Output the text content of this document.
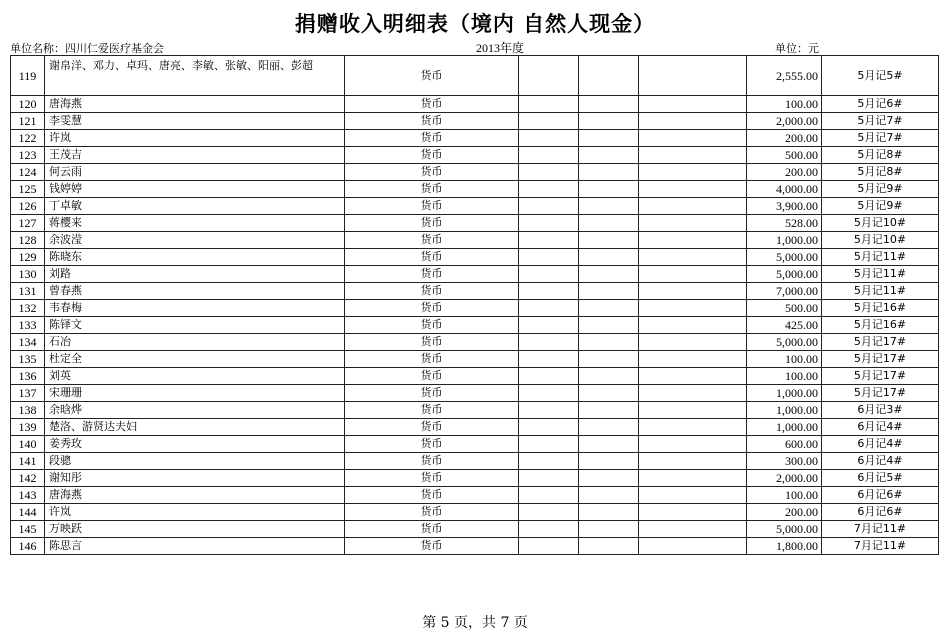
捐赠收入明细表（境内 自然人现金）
单位名称：四川仁爱医疗基金会	2013年度	单位：元
119	谢帛洋、邓力、卓玛、唐亮、李敏、张敏、阳丽、彭超	货币				2,555.00	5月记5#
120	唐海燕	货币				100.00	5月记6#
121	李雯慧	货币				2,000.00	5月记7#
122	许岚	货币				200.00	5月记7#
123	王茂吉	货币				500.00	5月记8#
124	何云雨	货币				200.00	5月记8#
125	钱婷婷	货币				4,000.00	5月记9#
126	丁卓敏	货币				3,900.00	5月记9#
127	蒋樱来	货币				528.00	5月记10#
128	余波滢	货币				1,000.00	5月记10#
129	陈晓东	货币				5,000.00	5月记11#
130	刘路	货币				5,000.00	5月记11#
131	曾春燕	货币				7,000.00	5月记11#
132	韦春梅	货币				500.00	5月记16#
133	陈铎文	货币				425.00	5月记16#
134	石冶	货币				5,000.00	5月记17#
135	杜定全	货币				100.00	5月记17#
136	刘英	货币				100.00	5月记17#
137	宋珊珊	货币				1,000.00	5月记17#
138	余晗烨	货币				1,000.00	6月记3#
139	楚洛、游贤达夫妇	货币				1,000.00	6月记4#
140	姜秀玫	货币				600.00	6月记4#
141	段骢	货币				300.00	6月记4#
142	谢知彤	货币				2,000.00	6月记5#
143	唐海燕	货币				100.00	6月记6#
144	许岚	货币				200.00	6月记6#
145	万映跃	货币				5,000.00	7月记11#
146	陈思言	货币				1,800.00	7月记11#
第 5 页，共 7 页
